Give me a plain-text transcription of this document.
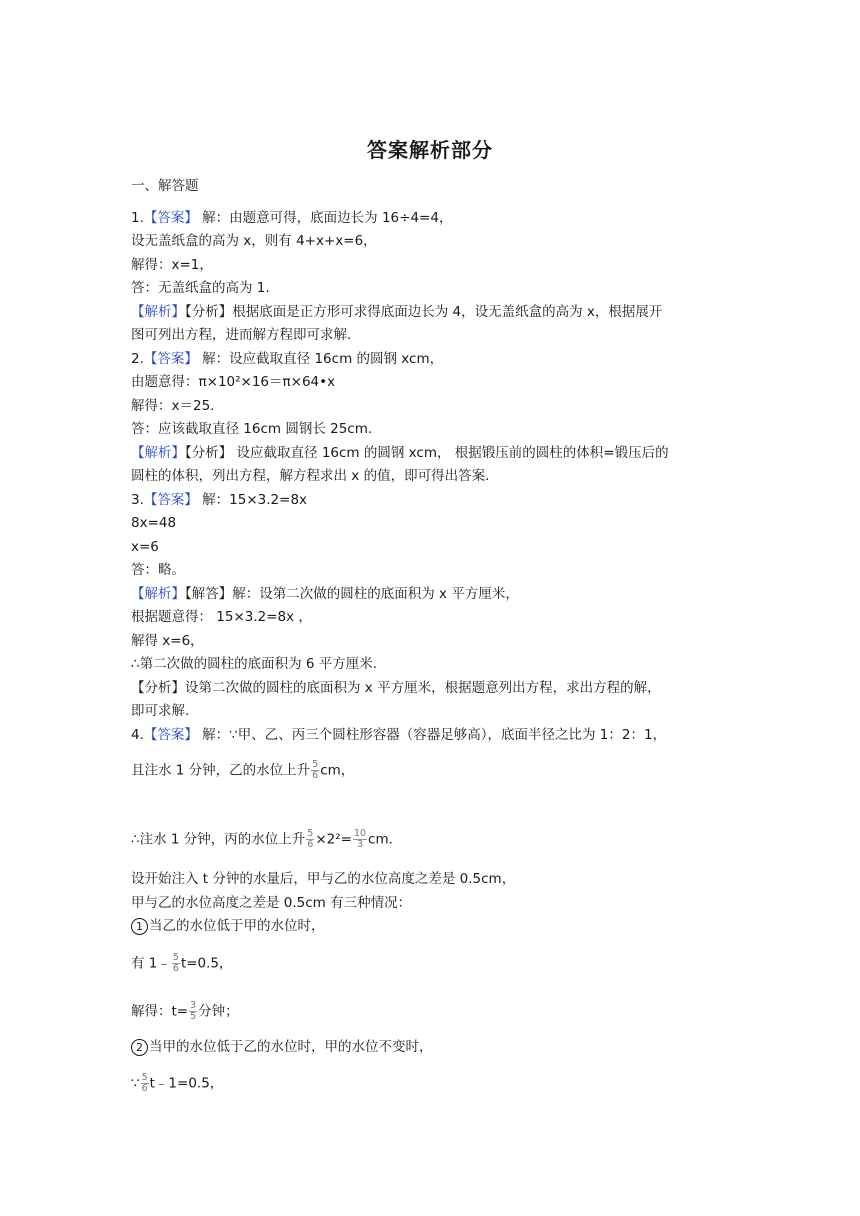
答案解析部分
一、解答题
1.【答案】 解：由题意可得，底面边长为 16÷4=4，
设无盖纸盒的高为 x，则有 4+x+x=6，
解得：x=1，
答：无盖纸盒的高为 1.
【解析】【分析】根据底面是正方形可求得底面边长为 4，设无盖纸盒的高为 x，根据展开
图可列出方程，进而解方程即可求解.
2.【答案】 解：设应截取直径 16cm 的圆钢 xcm，
由题意得：π×10²×16＝π×64•x
解得：x＝25.
答：应该截取直径 16cm 圆钢长 25cm.
【解析】【分析】 设应截取直径 16cm 的圆钢 xcm， 根据锻压前的圆柱的体积=锻压后的
圆柱的体积，列出方程，解方程求出 x 的值，即可得出答案.
3.【答案】 解：15×3.2=8x
8x=48
x=6
答：略。
【解析】【解答】解：设第二次做的圆柱的底面积为 x 平方厘米，
根据题意得： 15×3.2=8x ，
解得 x=6，
∴第二次做的圆柱的底面积为 6 平方厘米.
【分析】设第二次做的圆柱的底面积为 x 平方厘米，根据题意列出方程，求出方程的解，
即可求解.
4.【答案】 解：∵甲、乙、丙三个圆柱形容器（容器足够高），底面半径之比为 1：2：1，
且注水 1 分钟，乙的水位上升 $\frac{5}{6}$ cm，
∴注水 1 分钟，丙的水位上升 $\frac{5}{6} \times 2^2= \frac{10}{3}$ cm．
设开始注入 t 分钟的水量后，甲与乙的水位高度之差是 0.5cm，
甲与乙的水位高度之差是 0.5cm 有三种情况：
1 当乙的水位低于甲的水位时，
有 1﹣ $\frac{5}{6} t=0.5$，
解得：$t= \frac{3}{5}$ 分钟；
2 当甲的水位低于乙的水位时，甲的水位不变时，
∵ $\frac{5}{6}$ t﹣1=0.5，
